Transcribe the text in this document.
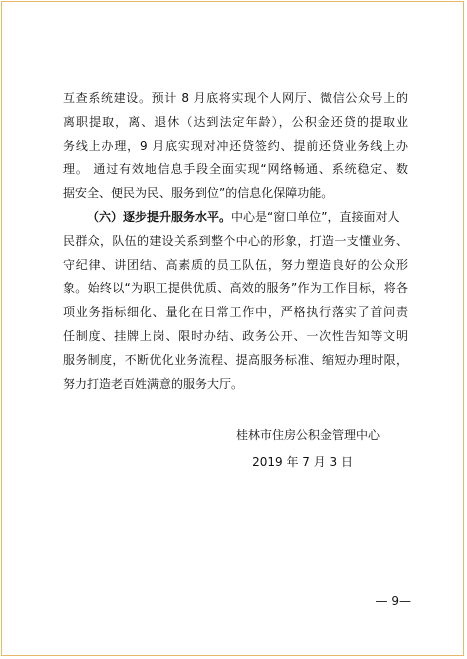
互查系统建设。预计 8 月底将实现个人网厅、微信公众号上的
离职提取，离、退休（达到法定年龄），公积金还贷的提取业
务线上办理，9 月底实现对冲还贷签约、提前还贷业务线上办
理。 通过有效地信息手段全面实现“网络畅通、系统稳定、数
据安全、便民为民、服务到位”的信息化保障功能。
（六）逐步提升服务水平。中心是“窗口单位”，直接面对人
民群众，队伍的建设关系到整个中心的形象，打造一支懂业务、
守纪律、讲团结、高素质的员工队伍，努力塑造良好的公众形
象。始终以“为职工提供优质、高效的服务”作为工作目标，将各
项业务指标细化、量化在日常工作中，严格执行落实了首问责
任制度、挂牌上岗、限时办结、政务公开、一次性告知等文明
服务制度，不断优化业务流程、提高服务标准、缩短办理时限，
努力打造老百姓满意的服务大厅。
桂林市住房公积金管理中心
2019 年 7 月 3 日
— 9—
